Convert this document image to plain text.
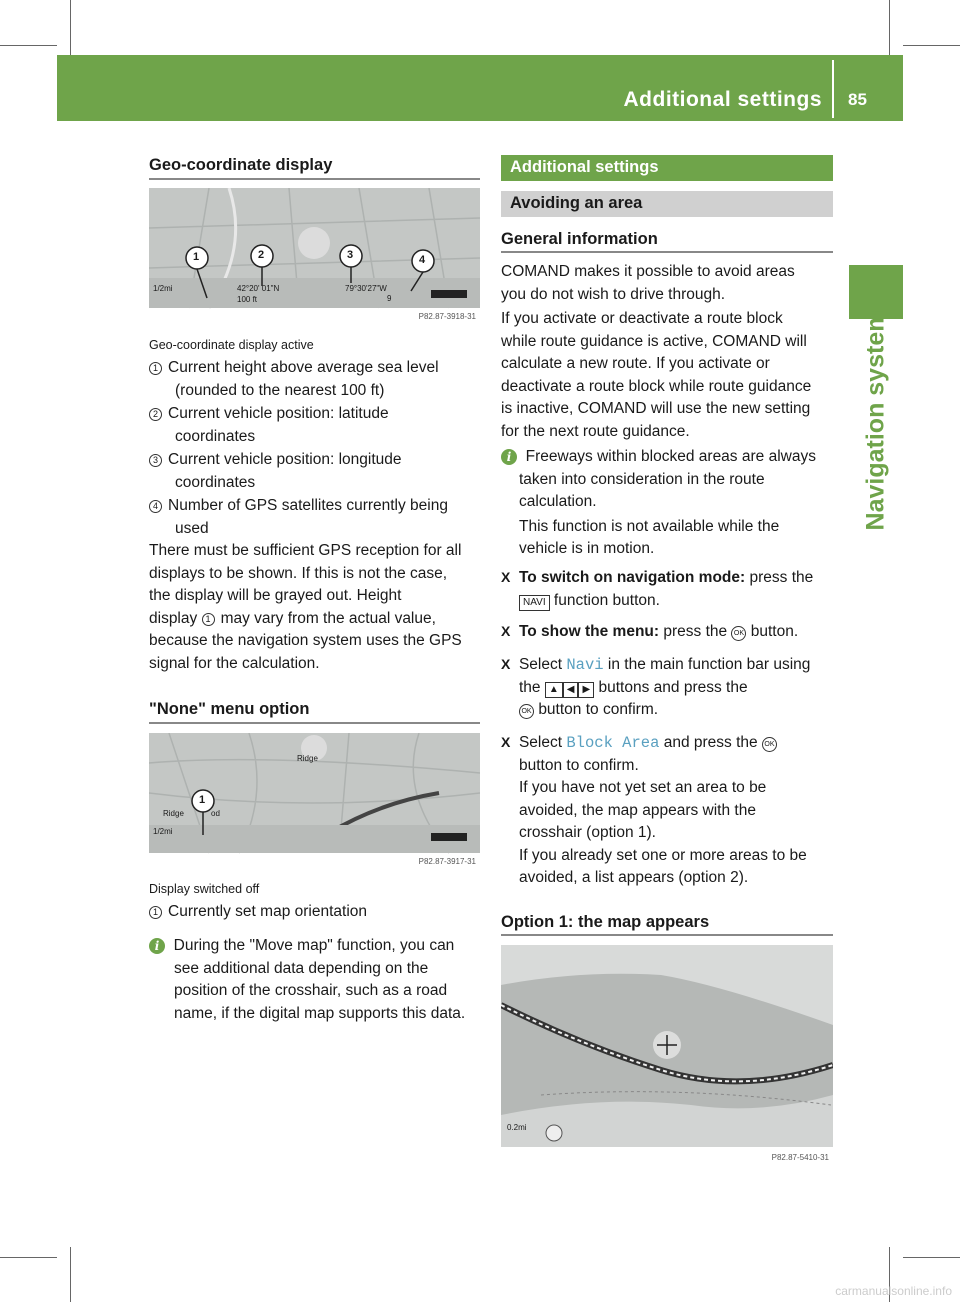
Additional settings 85
Navigation system
Geo-coordinate display
1	2	3	4
1/2mi	42°20' 01"N
100 ft
79°30'27"W
9
P82.87-3918-31
Geo-coordinate display active
1 Current height above average sea level
(rounded to the nearest 100 ft)
2 Current vehicle position: latitude
coordinates
3 Current vehicle position: longitude
coordinates
4 Number of GPS satellites currently being
used
There must be sufficient GPS reception for all
displays to be shown. If this is not the case,
the display will be grayed out. Height
display 1 may vary from the actual value,
because the navigation system uses the GPS
signal for the calculation.
"None" menu option
1
Ridge
Ridge	od
1/2mi
P82.87-3917-31
Display switched off
1 Currently set map orientation
i During the "Move map" function, you can
see additional data depending on the
position of the crosshair, such as a road
name, if the digital map supports this data.
Additional settings
Avoiding an area
General information
COMAND makes it possible to avoid areas
you do not wish to drive through.
If you activate or deactivate a route block
while route guidance is active, COMAND will
calculate a new route. If you activate or
deactivate a route block while route guidance
is inactive, COMAND will use the new setting
for the next route guidance.
i Freeways within blocked areas are always
taken into consideration in the route
calculation.
This function is not available while the
vehicle is in motion.
X To switch on navigation mode: press the
NAVI function button.
X To show the menu: press the OK button.
X Select Navi in the main function bar using
the ▲ ◀ ▶ buttons and press the
OK button to confirm.
X Select Block Area and press the OK
button to confirm.
If you have not yet set an area to be
avoided, the map appears with the
crosshair (option 1).
If you already set one or more areas to be
avoided, a list appears (option 2).
Option 1: the map appears
0.2mi
P82.87-5410-31
carmanualsonline.info
